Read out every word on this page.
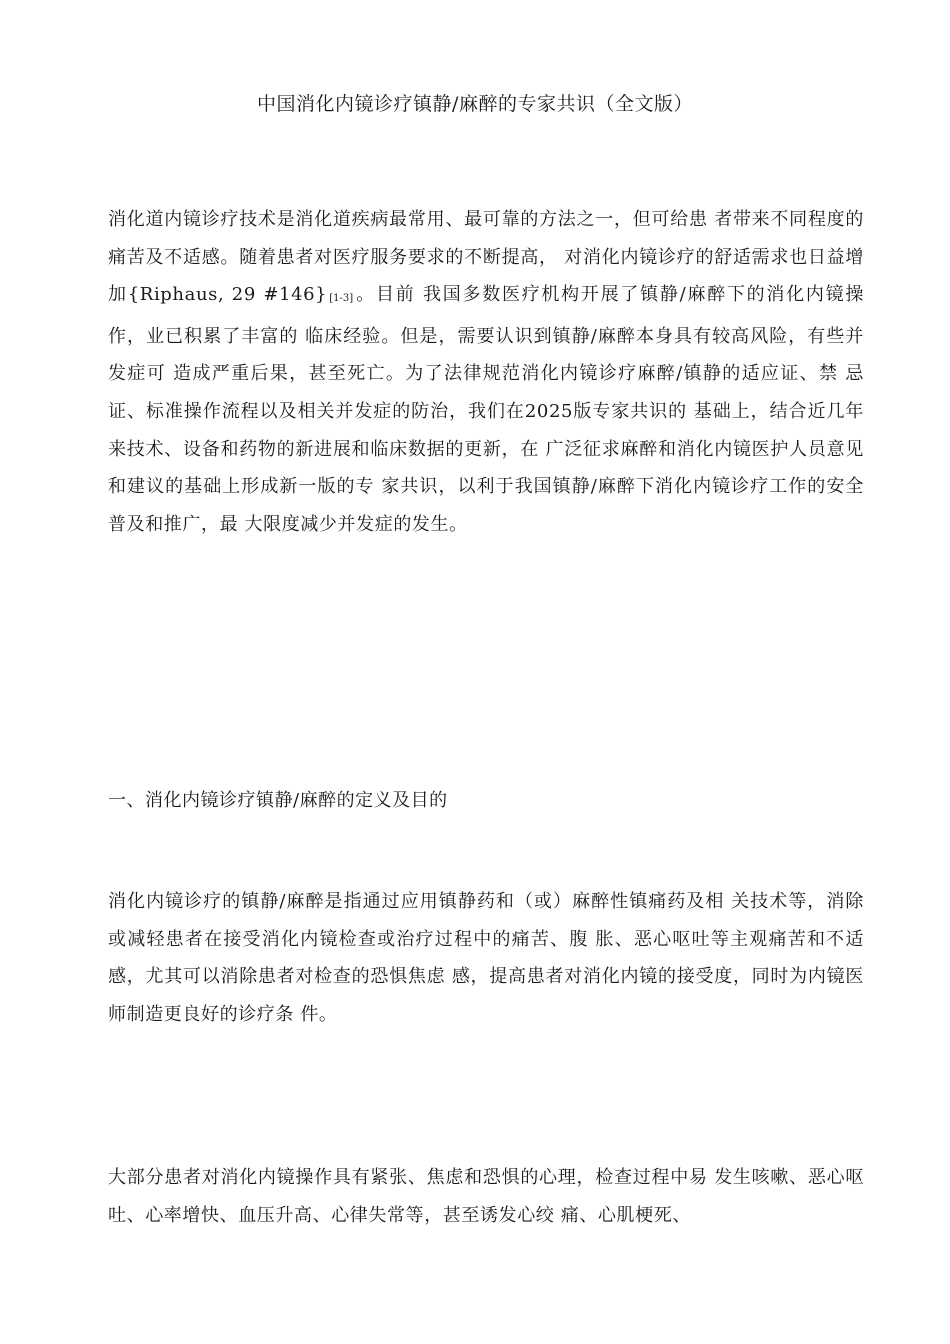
中国消化内镜诊疗镇静/麻醉的专家共识（全文版）

消化道内镜诊疗技术是消化道疾病最常用、最可靠的方法之一，但可给患 者带来不同程度的痛苦及不适感。随着患者对医疗服务要求的不断提高， 对消化内镜诊疗的舒适需求也日益增加{Riphaus, 29 #146} [1-3] 。目前 我国多数医疗机构开展了镇静/麻醉下的消化内镜操作，业已积累了丰富的 临床经验。但是，需要认识到镇静/麻醉本身具有较高风险，有些并发症可 造成严重后果，甚至死亡。为了法律规范消化内镜诊疗麻醉/镇静的适应证、禁 忌证、标准操作流程以及相关并发症的防治，我们在2025版专家共识的 基础上，结合近几年来技术、设备和药物的新进展和临床数据的更新，在 广泛征求麻醉和消化内镜医护人员意见和建议的基础上形成新一版的专 家共识，以利于我国镇静/麻醉下消化内镜诊疗工作的安全普及和推广，最 大限度减少并发症的发生。

一、消化内镜诊疗镇静/麻醉的定义及目的

消化内镜诊疗的镇静/麻醉是指通过应用镇静药和（或）麻醉性镇痛药及相 关技术等，消除或减轻患者在接受消化内镜检查或治疗过程中的痛苦、腹 胀、恶心呕吐等主观痛苦和不适感，尤其可以消除患者对检查的恐惧焦虑 感，提高患者对消化内镜的接受度，同时为内镜医师制造更良好的诊疗条 件。

大部分患者对消化内镜操作具有紧张、焦虑和恐惧的心理，检查过程中易 发生咳嗽、恶心呕吐、心率增快、血压升高、心律失常等，甚至诱发心绞 痛、心肌梗死、
